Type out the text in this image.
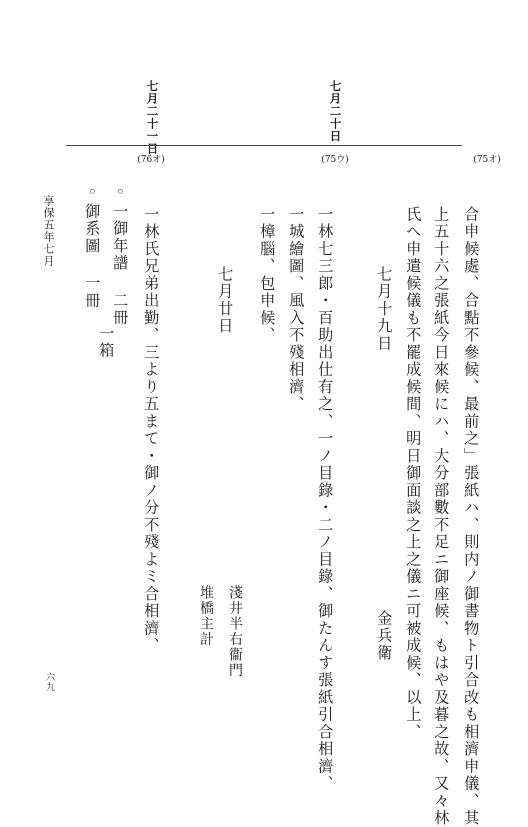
七月二十日
七月二十一日
(75オ)
(75ウ)
(76オ)
合申候處、合點不參候、最前之」張紙ハ、則内ノ御書物ト引合改も相濟申儀、其
上五十六之張紙今日來候にハ、大分部數不足ニ御座候、もはや及暮之故、又々林
氏へ申遣候儀も不罷成候間、明日御面談之上之儀ニ可被成候、以上、
七月十九日
金兵衛
一林七三郎・百助出仕有之、一ノ目錄・二ノ目錄、御たんす張紙引合相濟、
一城繪圖、風入不殘相濟、
一樟腦、包申候、
七月廿日
淺井半右衞門
堆橋主計
一林氏兄弟出勤、三より五まて・御ノ分不殘よミ合相濟、
◦一御年譜 二冊
一箱
◦御系圖 一冊
享保五年七月
六九
